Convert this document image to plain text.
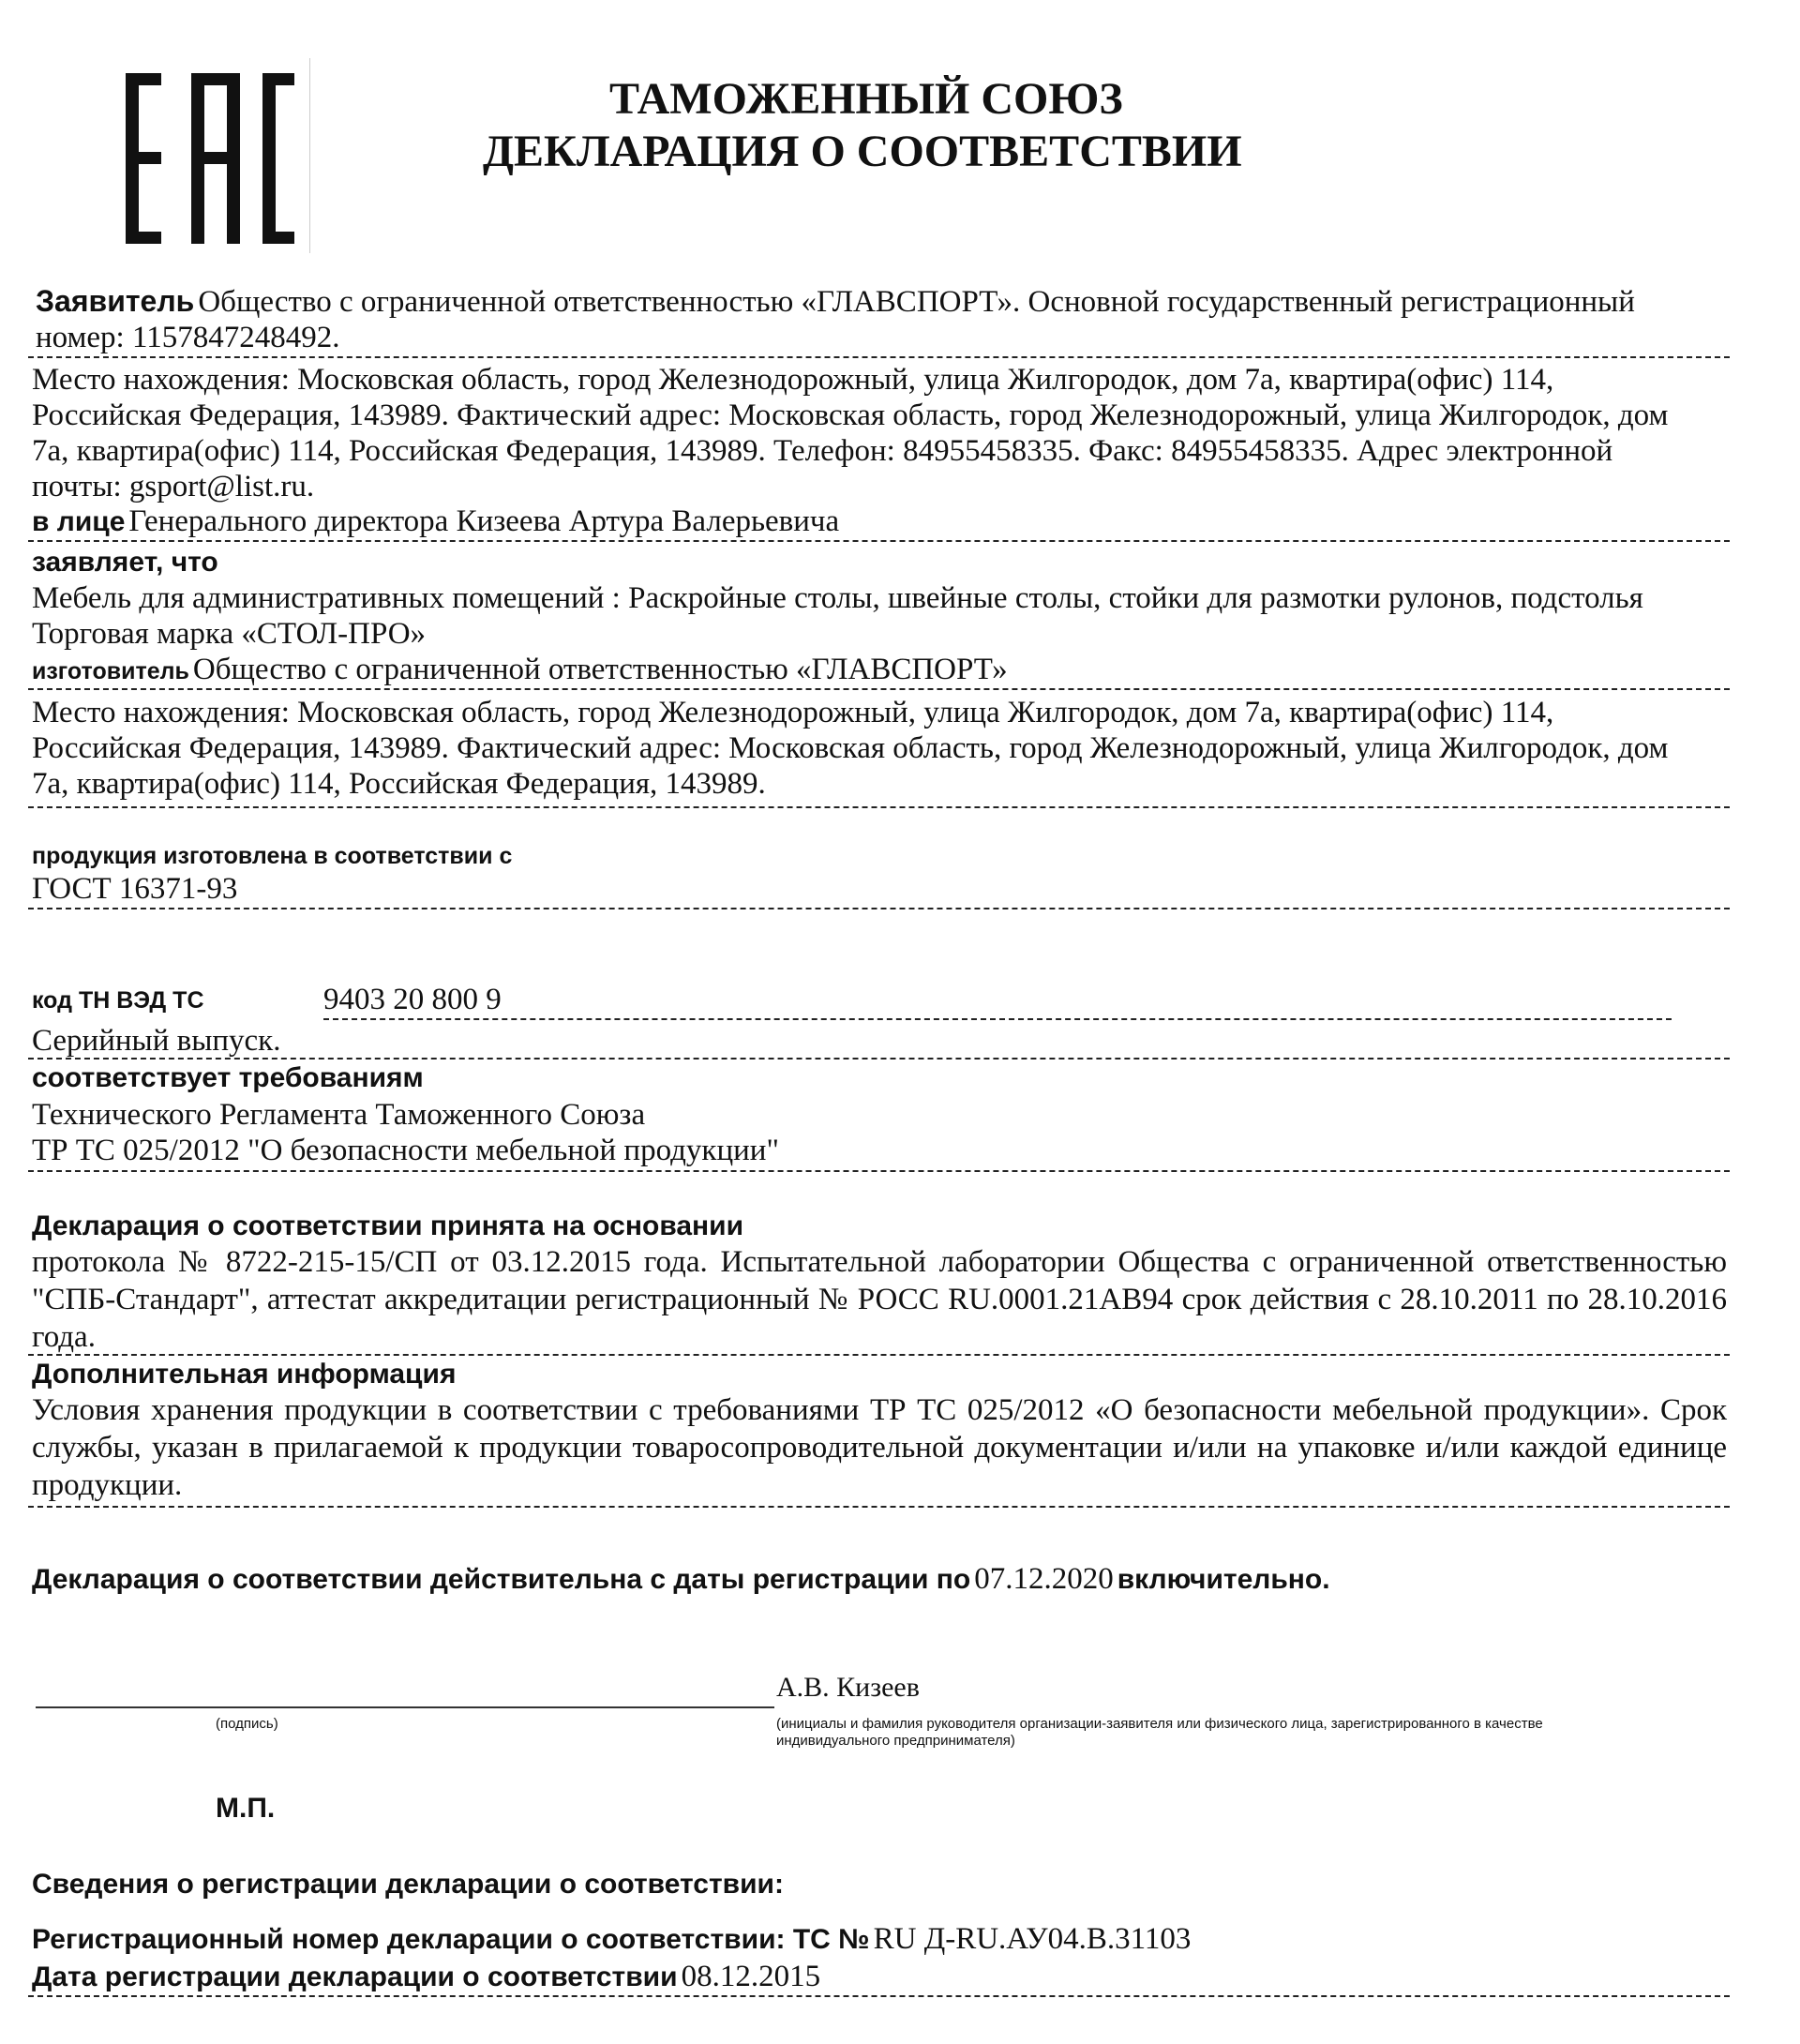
ТАМОЖЕННЫЙ СОЮЗ
ДЕКЛАРАЦИЯ О СООТВЕТСТВИИ
Заявитель Общество с ограниченной ответственностью «ГЛАВСПОРТ». Основной государственный регистрационный
номер: 1157847248492.
Место нахождения: Московская область, город Железнодорожный, улица Жилгородок, дом 7а, квартира(офис) 114,
Российская Федерация, 143989. Фактический адрес: Московская область, город Железнодорожный, улица Жилгородок, дом
7а, квартира(офис) 114, Российская Федерация, 143989. Телефон: 84955458335. Факс: 84955458335. Адрес электронной
почты: gsport@list.ru.
в лице Генерального директора Кизеева Артура Валерьевича
заявляет, что
Мебель для административных помещений : Раскройные столы, швейные столы, стойки для размотки рулонов, подстолья
Торговая марка «СТОЛ-ПРО»
изготовитель Общество с ограниченной ответственностью «ГЛАВСПОРТ»
Место нахождения: Московская область, город Железнодорожный, улица Жилгородок, дом 7а, квартира(офис) 114,
Российская Федерация, 143989. Фактический адрес: Московская область, город Железнодорожный, улица Жилгородок, дом
7а, квартира(офис) 114, Российская Федерация, 143989.
продукция изготовлена в соответствии с
ГОСТ 16371-93
код ТН ВЭД ТС	9403 20 800 9
Серийный выпуск.
соответствует требованиям
Технического Регламента Таможенного Союза
ТР ТС 025/2012 "О безопасности мебельной продукции"
Декларация о соответствии принята на основании
протокола № 8722-215-15/СП от 03.12.2015 года. Испытательной лаборатории Общества с ограниченной ответственностью "СПБ-Стандарт", аттестат аккредитации регистрационный № РОСС RU.0001.21АВ94 срок действия с 28.10.2011 по 28.10.2016 года.
Дополнительная информация
Условия хранения продукции в соответствии с требованиями ТР ТС 025/2012 «О безопасности мебельной продукции». Срок службы, указан в прилагаемой к продукции товаросопроводительной документации и/или на упаковке и/или каждой единице продукции.
Декларация о соответствии действительна с даты регистрации по 07.12.2020 включительно.
А.В. Кизеев
(подпись)	(инициалы и фамилия руководителя организации-заявителя или физического лица, зарегистрированного в качестве
индивидуального предпринимателя)
М.П.
Сведения о регистрации декларации о соответствии:
Регистрационный номер декларации о соответствии: ТС № RU Д-RU.АУ04.В.31103
Дата регистрации декларации о соответствии 08.12.2015
